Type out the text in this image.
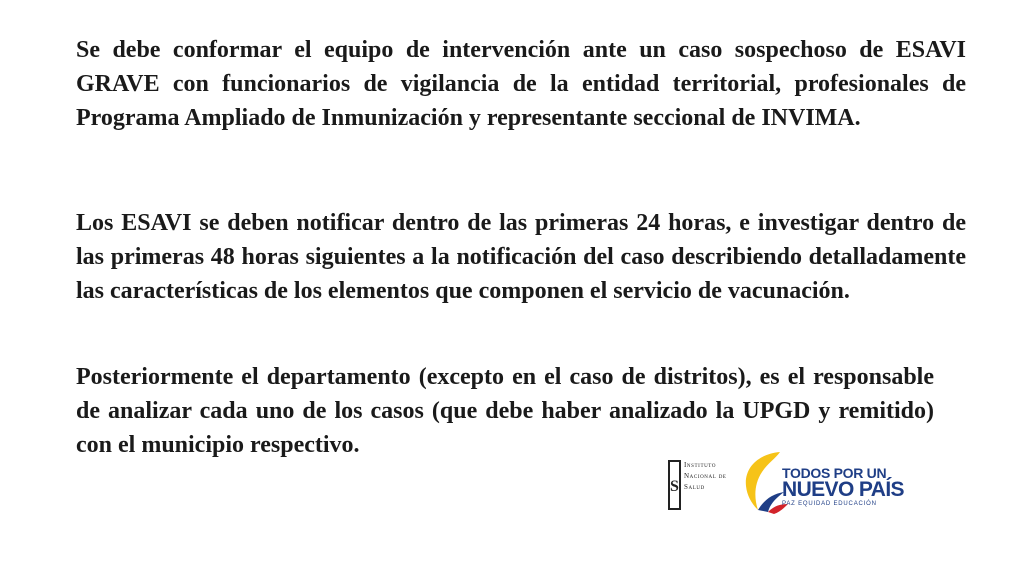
Se debe conformar el equipo de intervención ante un caso sospechoso de ESAVI GRAVE con funcionarios de vigilancia de la entidad territorial, profesionales de Programa Ampliado de Inmunización y representante seccional de INVIMA.
Los ESAVI se deben notificar dentro de las primeras 24 horas, e investigar dentro de las primeras 48 horas siguientes a la notificación del caso describiendo detalladamente las características de los elementos que componen el servicio de vacunación.
Posteriormente el departamento (excepto en el caso de distritos), es el responsable de analizar cada uno de los casos (que debe haber analizado la UPGD y remitido) con el municipio respectivo.
S
Instituto
Nacional de
Salud
TODOS POR UN
NUEVO PAÍS
PAZ EQUIDAD EDUCACIÓN
